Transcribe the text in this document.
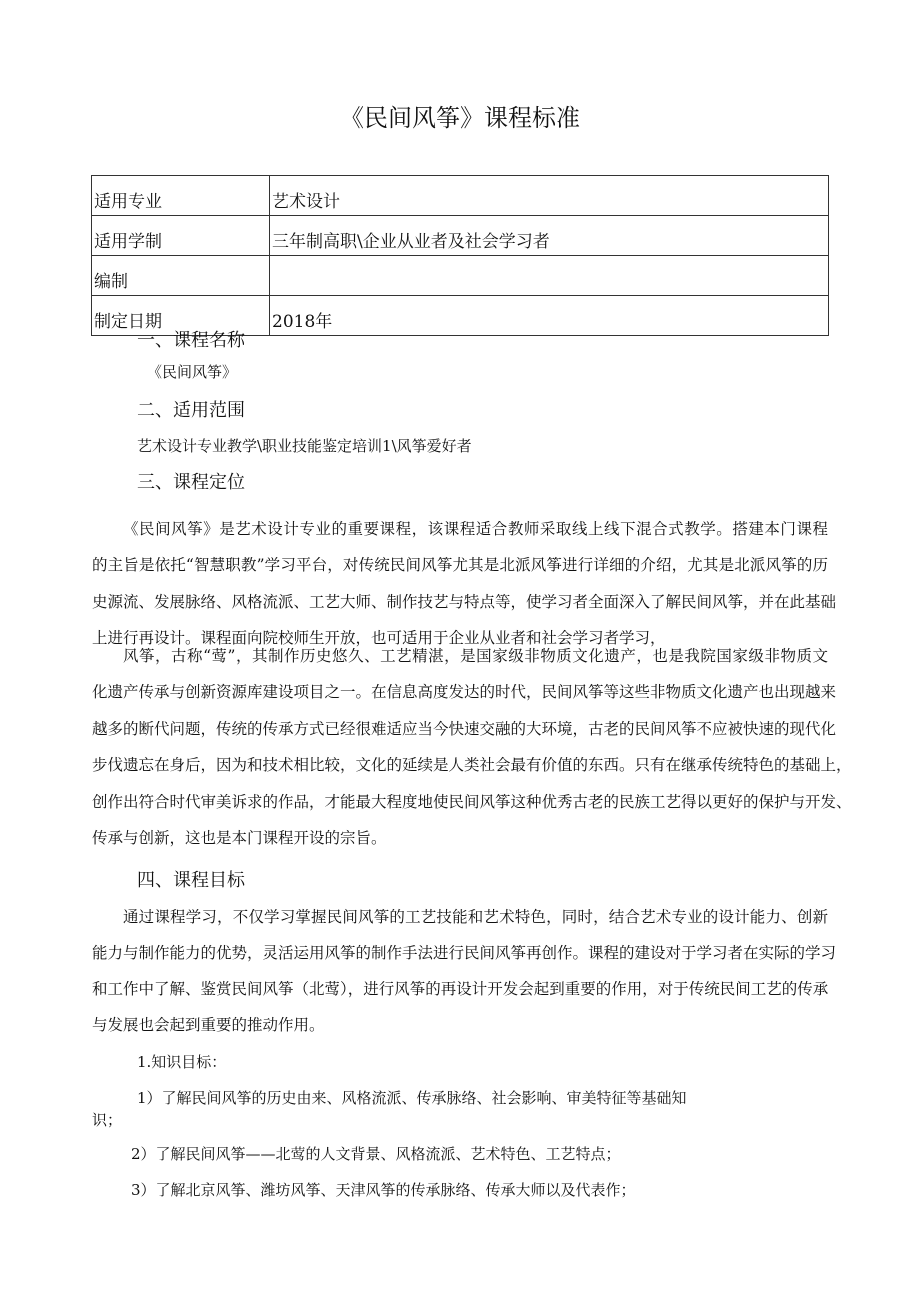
《民间风筝》课程标准
适用专业	艺术设计
适用学制	三年制高职\企业从业者及社会学习者
编制	
制定日期	2018年
一、课程名称
《民间风筝》
二、适用范围
艺术设计专业教学\职业技能鉴定培训1\风筝爱好者
三、课程定位
《民间风筝》是艺术设计专业的重要课程，该课程适合教师采取线上线下混合式教学。搭建本门课程
的主旨是依托“智慧职教”学习平台，对传统民间风筝尤其是北派风筝进行详细的介绍，尤其是北派风筝的历
史源流、发展脉络、风格流派、工艺大师、制作技艺与特点等，使学习者全面深入了解民间风筝，并在此基础
上进行再设计。课程面向院校师生开放，也可适用于企业从业者和社会学习者学习，
风筝，古称“莺”，其制作历史悠久、工艺精湛，是国家级非物质文化遗产，也是我院国家级非物质文
化遗产传承与创新资源库建设项目之一。在信息高度发达的时代，民间风筝等这些非物质文化遗产也出现越来
越多的断代问题，传统的传承方式已经很难适应当今快速交融的大环境，古老的民间风筝不应被快速的现代化
步伐遗忘在身后，因为和技术相比较，文化的延续是人类社会最有价值的东西。只有在继承传统特色的基础上，
创作出符合时代审美诉求的作品，才能最大程度地使民间风筝这种优秀古老的民族工艺得以更好的保护与开发、
传承与创新，这也是本门课程开设的宗旨。
四、课程目标
通过课程学习，不仅学习掌握民间风筝的工艺技能和艺术特色，同时，结合艺术专业的设计能力、创新
能力与制作能力的优势，灵活运用风筝的制作手法进行民间风筝再创作。课程的建设对于学习者在实际的学习
和工作中了解、鉴赏民间风筝（北莺），进行风筝的再设计开发会起到重要的作用，对于传统民间工艺的传承
与发展也会起到重要的推动作用。
1.知识目标：
1）了解民间风筝的历史由来、风格流派、传承脉络、社会影响、审美特征等基础知
识；
2）了解民间风筝——北莺的人文背景、风格流派、艺术特色、工艺特点；
3）了解北京风筝、潍坊风筝、天津风筝的传承脉络、传承大师以及代表作；
